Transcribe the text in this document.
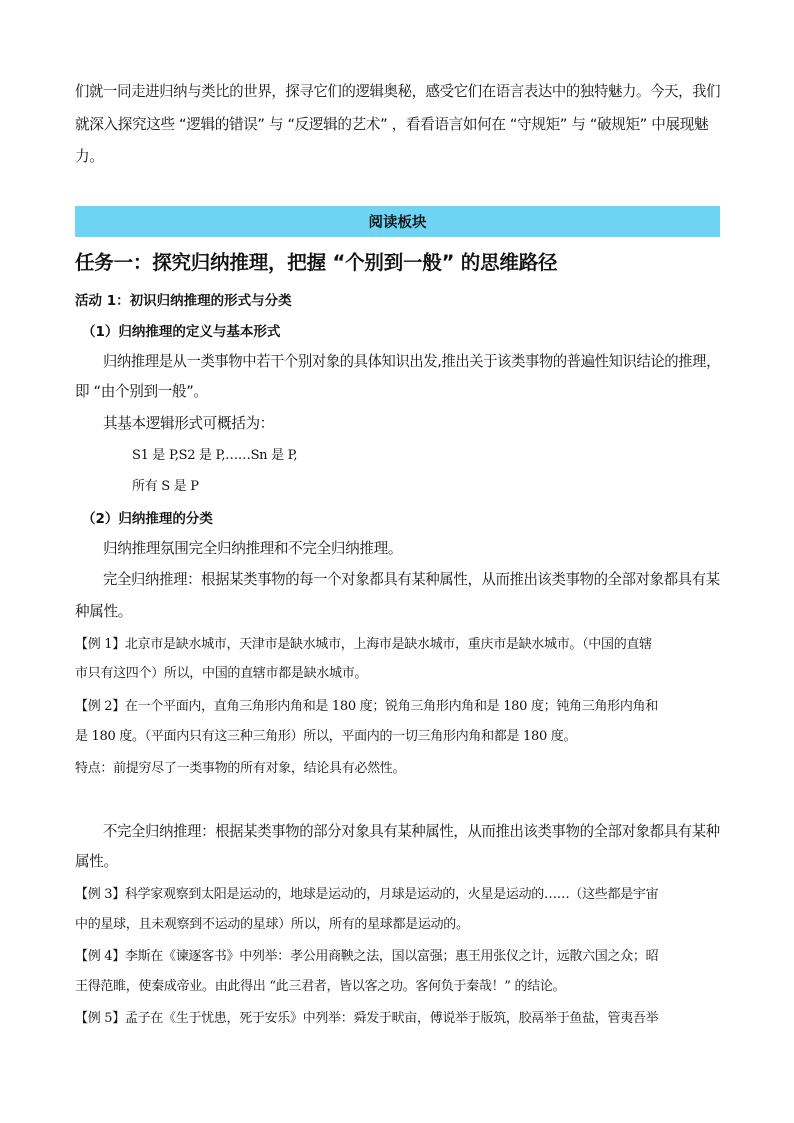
们就一同走进归纳与类比的世界，探寻它们的逻辑奥秘，感受它们在语言表达中的独特魅力。今天，我们

就深入探究这些 “逻辑的错误” 与 “反逻辑的艺术” ，看看语言如何在 “守规矩” 与 “破规矩” 中展现魅

力。

阅读板块
任务一：探究归纳推理，把握 “个别到一般” 的思维路径
活动 1：初识归纳推理的形式与分类
（1）归纳推理的定义与基本形式

归纳推理是从一类事物中若干个别对象的具体知识出发,推出关于该类事物的普遍性知识结论的推理，

即 “由个别到一般”。

其基本逻辑形式可概括为：

S1 是 P,S2 是 P,……Sn 是 P,

所有 S 是 P

（2）归纳推理的分类

归纳推理氛围完全归纳推理和不完全归纳推理。

完全归纳推理：根据某类事物的每一个对象都具有某种属性，从而推出该类事物的全部对象都具有某

种属性。

【例 1】北京市是缺水城市，天津市是缺水城市，上海市是缺水城市，重庆市是缺水城市。（中国的直辖

市只有这四个）所以，中国的直辖市都是缺水城市。

【例 2】在一个平面内，直角三角形内角和是 180 度；锐角三角形内角和是 180 度；钝角三角形内角和

是 180 度。（平面内只有这三种三角形）所以，平面内的一切三角形内角和都是 180 度。

特点：前提穷尽了一类事物的所有对象，结论具有必然性。

不完全归纳推理：根据某类事物的部分对象具有某种属性，从而推出该类事物的全部对象都具有某种

属性。

【例 3】科学家观察到太阳是运动的，地球是运动的，月球是运动的，火星是运动的……（这些都是宇宙

中的星球，且未观察到不运动的星球）所以，所有的星球都是运动的。

【例 4】李斯在《谏逐客书》中列举：孝公用商鞅之法，国以富强；惠王用张仪之计，远散六国之众；昭

王得范睢，使秦成帝业。由此得出 “此三君者，皆以客之功。客何负于秦哉！” 的结论。

【例 5】孟子在《生于忧患，死于安乐》中列举：舜发于畎亩，傅说举于版筑，胶鬲举于鱼盐，管夷吾举
